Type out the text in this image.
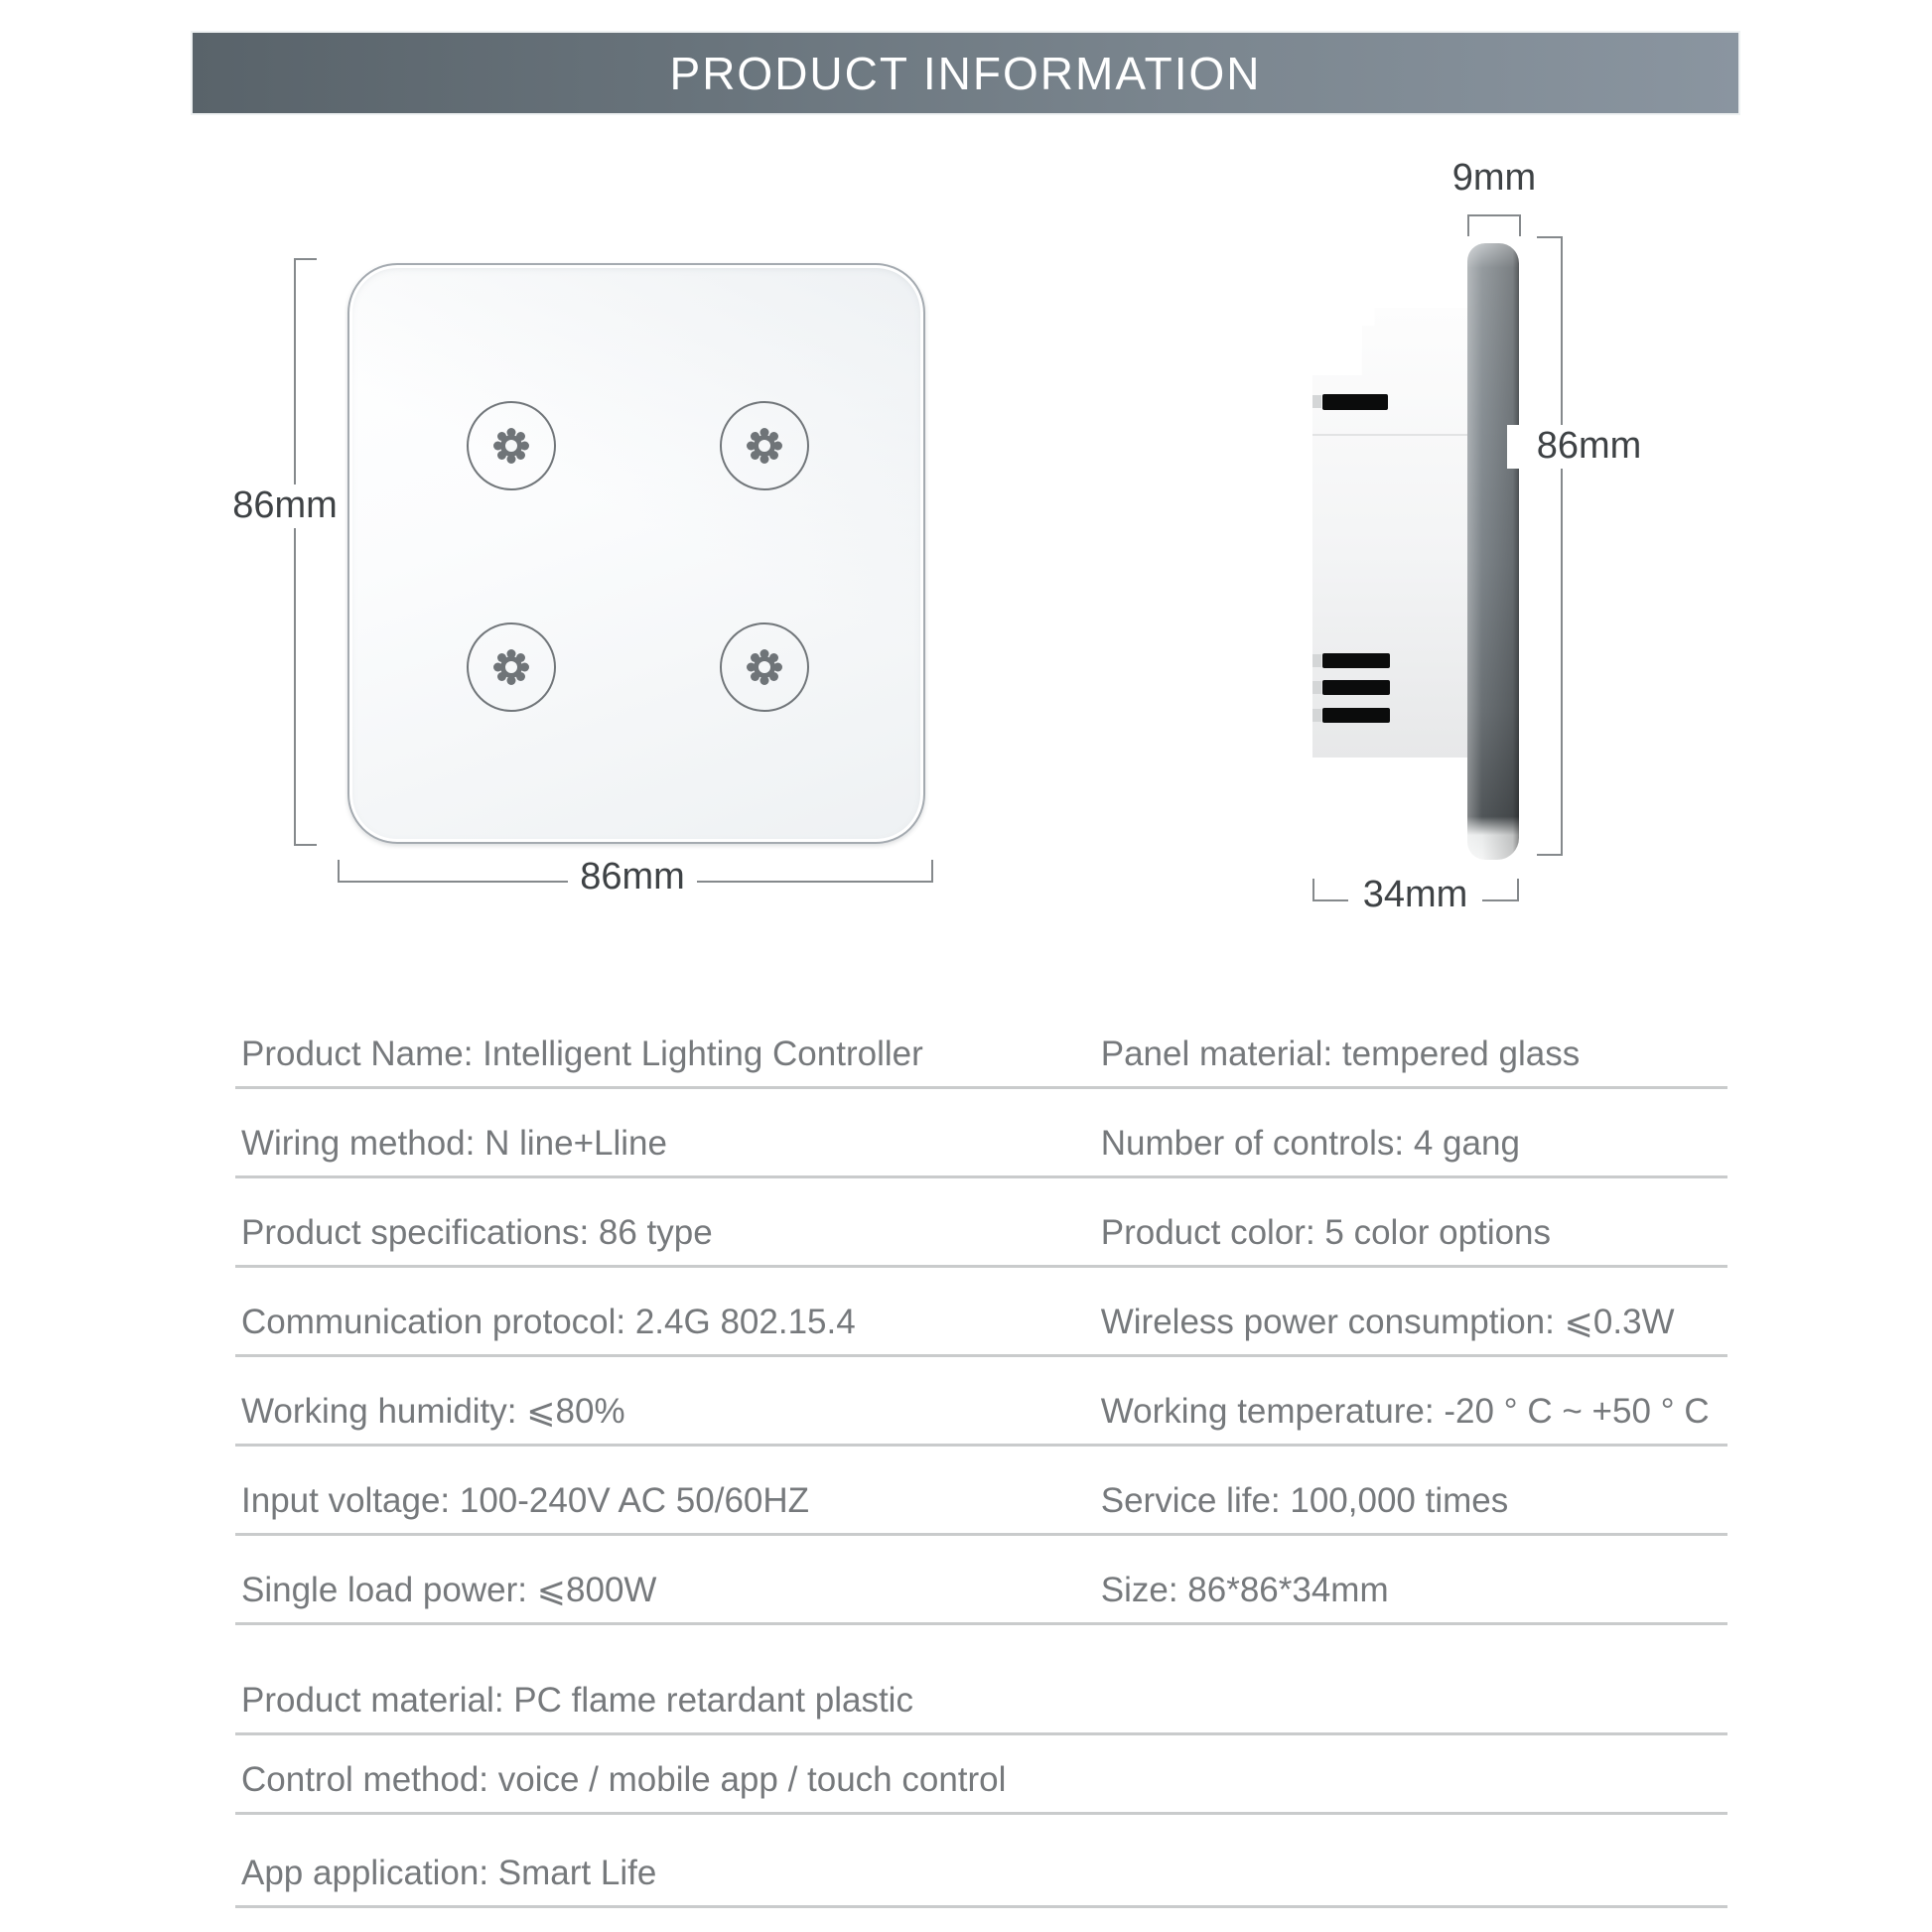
PRODUCT INFORMATION
86mm
86mm
9mm
86mm
34mm
Product Name: Intelligent Lighting Controller	Panel material: tempered glass
Wiring method: N line+Lline	Number of controls: 4 gang
Product specifications: 86 type	Product color: 5 color options
Communication protocol: 2.4G 802.15.4	Wireless power consumption: ⩽0.3W
Working humidity: ⩽80%	Working temperature: -20 ° C ~ +50 ° C
Input voltage: 100-240V AC 50/60HZ	Service life: 100,000 times
Single load power: ⩽800W	Size: 86*86*34mm
Product material: PC flame retardant plastic
Control method: voice / mobile app / touch control
App application: Smart Life
